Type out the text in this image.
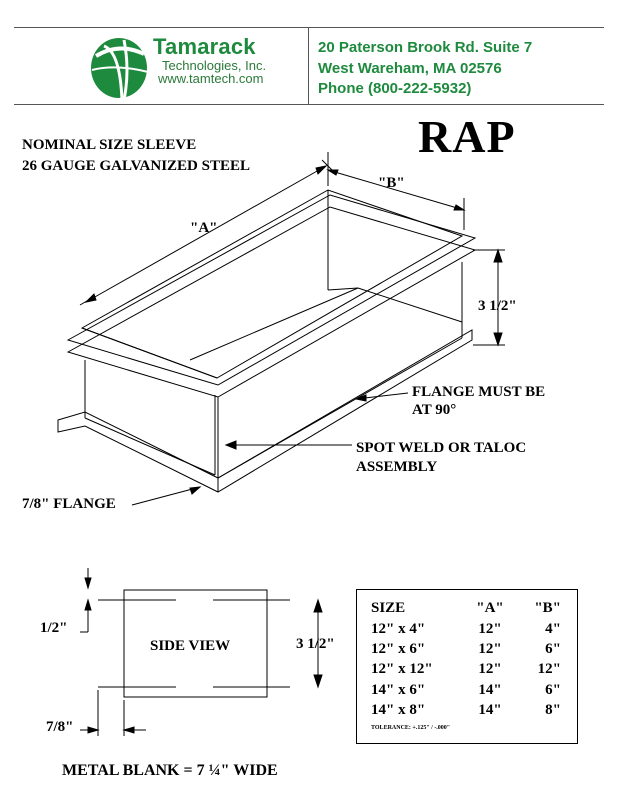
Tamarack
Technologies, Inc.
www.tamtech.com
20 Paterson Brook Rd. Suite 7
West Wareham, MA 02576
Phone (800-222-5932)
RAP
NOMINAL SIZE SLEEVE
26 GAUGE GALVANIZED STEEL
"B"
"A"
3 1/2"
FLANGE MUST BE
AT 90°
SPOT WELD OR TALOC
ASSEMBLY
7/8" FLANGE
SIDE VIEW	3 1/2"
1/2"
7/8"
SIZE	"A"	"B"
12" x 4"	12"	4"
12" x 6"	12"	6"
12" x 12"	12"	12"
14" x 6"	14"	6"
14" x 8"	14"	8"
TOLERANCE: +.125" / -.000"
METAL BLANK = 7 ¼" WIDE
